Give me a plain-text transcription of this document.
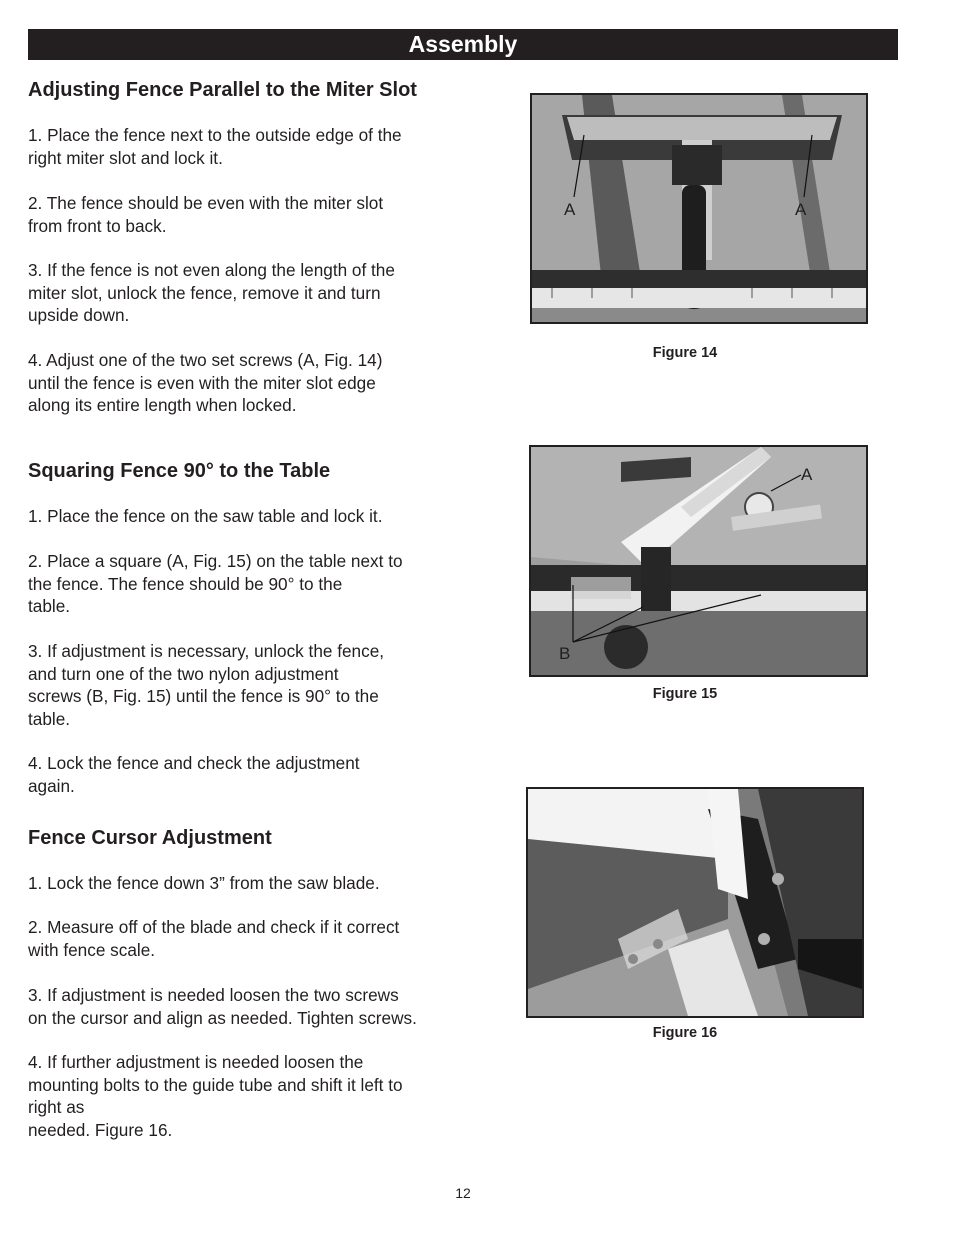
Assembly
Adjusting Fence Parallel to the Miter Slot

1. Place the fence next to the outside edge of the
right miter slot and lock it.

2. The fence should be even with the miter slot
from front to back.

3. If the fence is not even along the length of the
miter slot, unlock the fence, remove it and turn
upside down.

4. Adjust one of the two set screws (A, Fig. 14)
until the fence is even with the miter slot edge
along its entire length when locked.

Squaring Fence 90° to the Table

1. Place the fence on the saw table and lock it.

2. Place a square (A, Fig. 15) on the table next to
the fence. The fence should be 90° to the
table.

3. If adjustment is necessary, unlock the fence,
and turn one of the two nylon adjustment
screws (B, Fig. 15) until the fence is 90° to the
table.

4. Lock the fence and check the adjustment
again.

Fence Cursor Adjustment

1. Lock the fence down 3” from the saw blade.

2. Measure off of the blade and check if it correct
with fence scale.

3. If adjustment is needed loosen the two screws
on the cursor and align as needed. Tighten screws.

4. If further adjustment is needed loosen the
mounting bolts to the guide tube and shift it left to
right as
needed. Figure 16.

A	A
Figure 14
A
B
Figure 15
Figure 16
12
